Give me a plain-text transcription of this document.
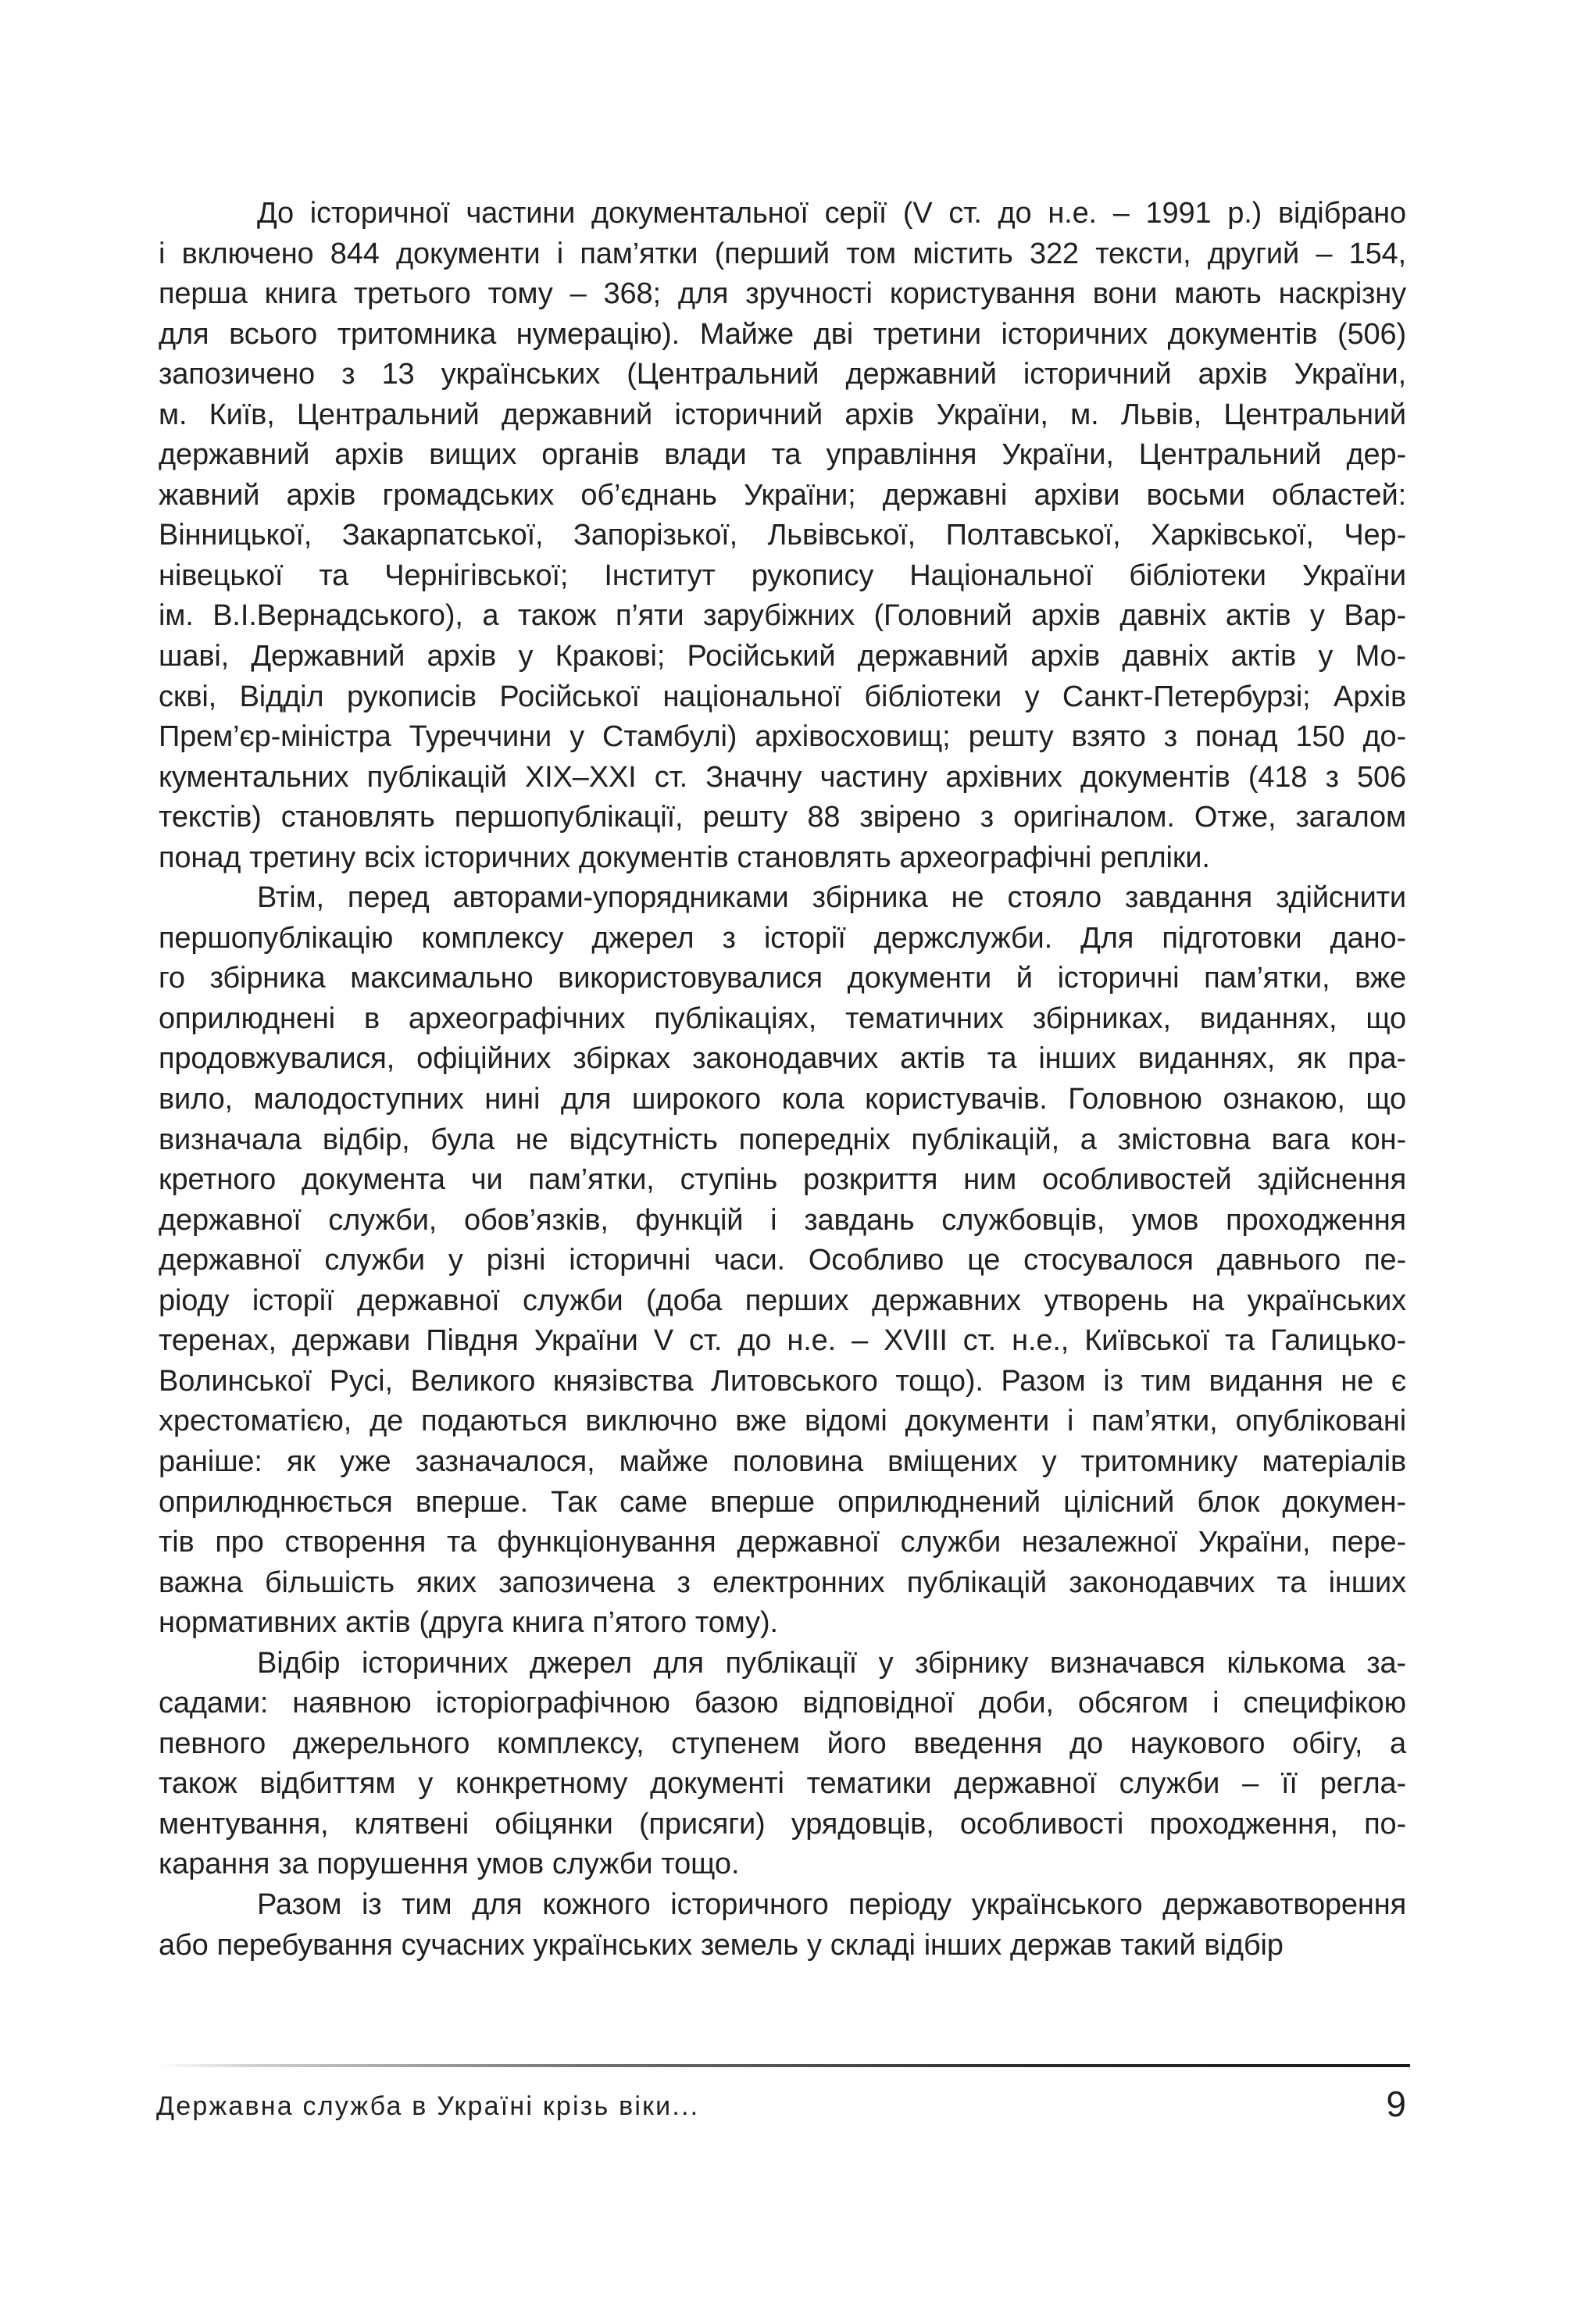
До історичної частини документальної серії (V ст. до н.е. – 1991 р.) відібрано
і включено 844 документи і пам’ятки (перший том містить 322 тексти, другий – 154,
перша книга третього тому – 368; для зручності користування вони мають наскрізну
для всього тритомника нумерацію). Майже дві третини історичних документів (506)
запозичено з 13 українських (Центральний державний історичний архів України,
м. Київ, Центральний державний історичний архів України, м. Львів, Центральний
державний архів вищих органів влади та управління України, Центральний дер-
жавний архів громадських об’єднань України; державні архіви восьми областей:
Вінницької, Закарпатської, Запорізької, Львівської, Полтавської, Харківської, Чер-
нівецької та Чернігівської; Інститут рукопису Національної бібліотеки України
ім. В.І.Вернадського), а також п’яти зарубіжних (Головний архів давніх актів у Вар-
шаві, Державний архів у Кракові; Російський державний архів давніх актів у Мо-
скві, Відділ рукописів Російської національної бібліотеки у Санкт-Петербурзі; Архів
Прем’єр-міністра Туреччини у Стамбулі) архівосховищ; решту взято з понад 150 до-
кументальних публікацій ХІХ–ХХІ ст. Значну частину архівних документів (418 з 506
текстів) становлять першопублікації, решту 88 звірено з оригіналом. Отже, загалом
понад третину всіх історичних документів становлять археографічні репліки.

Втім, перед авторами-упорядниками збірника не стояло завдання здійснити
першопублікацію комплексу джерел з історії держслужби. Для підготовки дано-
го збірника максимально використовувалися документи й історичні пам’ятки, вже
оприлюднені в археографічних публікаціях, тематичних збірниках, виданнях, що
продовжувалися, офіційних збірках законодавчих актів та інших виданнях, як пра-
вило, малодоступних нині для широкого кола користувачів. Головною ознакою, що
визначала відбір, була не відсутність попередніх публікацій, а змістовна вага кон-
кретного документа чи пам’ятки, ступінь розкриття ним особливостей здійснення
державної служби, обов’язків, функцій і завдань службовців, умов проходження
державної служби у різні історичні часи. Особливо це стосувалося давнього пе-
ріоду історії державної служби (доба перших державних утворень на українських
теренах, держави Півдня України V ст. до н.е. – XVIII ст. н.е., Київської та Галицько-
Волинської Русі, Великого князівства Литовського тощо). Разом із тим видання не є
хрестоматією, де подаються виключно вже відомі документи і пам’ятки, опубліковані
раніше: як уже зазначалося, майже половина вміщених у тритомнику матеріалів
оприлюднюється вперше. Так саме вперше оприлюднений цілісний блок докумен-
тів про створення та функціонування державної служби незалежної України, пере-
важна більшість яких запозичена з електронних публікацій законодавчих та інших
нормативних актів (друга книга п’ятого тому).

Відбір історичних джерел для публікації у збірнику визначався кількома за-
садами: наявною історіографічною базою відповідної доби, обсягом і специфікою
певного джерельного комплексу, ступенем його введення до наукового обігу, а
також відбиттям у конкретному документі тематики державної служби – її регла-
ментування, клятвені обіцянки (присяги) урядовців, особливості проходження, по-
карання за порушення умов служби тощо.

Разом із тим для кожного історичного періоду українського державотворення
або перебування сучасних українських земель у складі інших держав такий відбір

Державна служба в Україні крізь віки...	9
